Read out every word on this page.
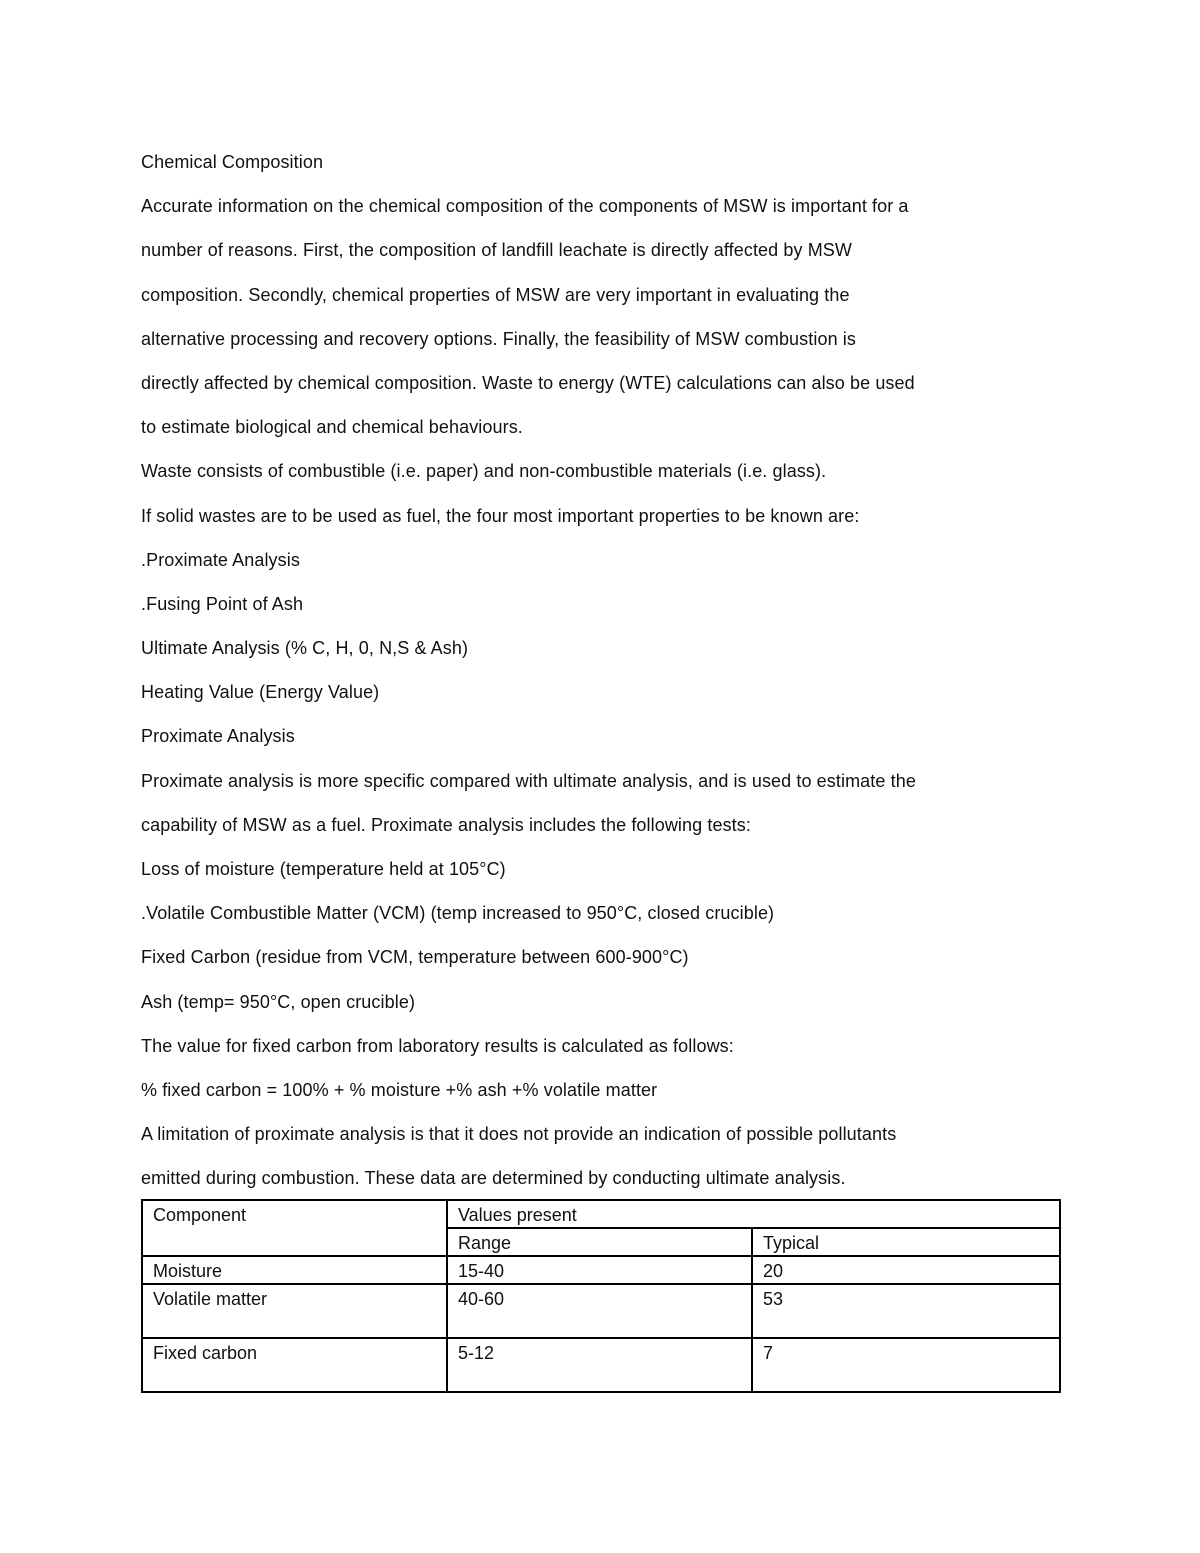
Chemical Composition
Accurate information on the chemical composition of the components of MSW is important for a
number of reasons. First, the composition of landfill leachate is directly affected by MSW
composition. Secondly, chemical properties of MSW are very important in evaluating the
alternative processing and recovery options. Finally, the feasibility of MSW combustion is
directly affected by chemical composition. Waste to energy (WTE) calculations can also be used
to estimate biological and chemical behaviours.
Waste consists of combustible (i.e. paper) and non-combustible materials (i.e. glass).
If solid wastes are to be used as fuel, the four most important properties to be known are:
.Proximate Analysis
.Fusing Point of Ash
Ultimate Analysis (% C, H, 0, N,S & Ash)
Heating Value (Energy Value)
Proximate Analysis
Proximate analysis is more specific compared with ultimate analysis, and is used to estimate the
capability of MSW as a fuel. Proximate analysis includes the following tests:
Loss of moisture (temperature held at 105°C)
.Volatile Combustible Matter (VCM) (temp increased to 950°C, closed crucible)
Fixed Carbon (residue from VCM, temperature between 600-900°C)
Ash (temp= 950°C, open crucible)
The value for fixed carbon from laboratory results is calculated as follows:
% fixed carbon = 100% + % moisture +% ash +% volatile matter
A limitation of proximate analysis is that it does not provide an indication of possible pollutants
emitted during combustion. These data are determined by conducting ultimate analysis.
Component	Values present	
	Range	Typical
Moisture	15-40	20
Volatile matter	40-60	53
Fixed carbon	5-12	7
